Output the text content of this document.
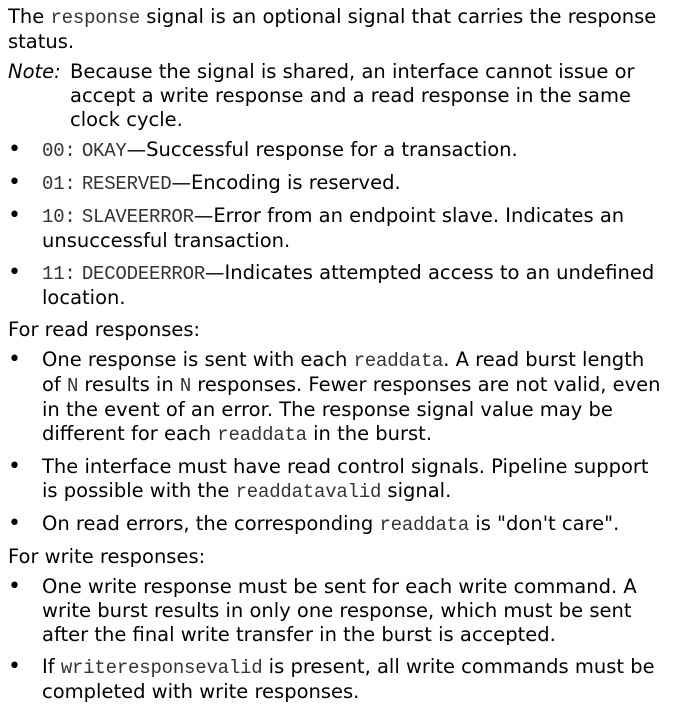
The response signal is an optional signal that carries the response status.

Note: Because the signal is shared, an interface cannot issue or accept a write response and a read response in the same clock cycle.
•	00: OKAY—Successful response for a transaction.
•	01: RESERVED—Encoding is reserved.
•	10: SLAVEERROR—Error from an endpoint slave. Indicates an unsuccessful transaction.
•	11: DECODEERROR—Indicates attempted access to an undefined location.

For read responses:

•	One response is sent with each readdata. A read burst length of N results in N responses. Fewer responses are not valid, even in the event of an error. The response signal value may be different for each readdata in the burst.
•	The interface must have read control signals. Pipeline support is possible with the readdatavalid signal.
•	On read errors, the corresponding readdata is "don't care".

For write responses:

•	One write response must be sent for each write command. A write burst results in only one response, which must be sent after the final write transfer in the burst is accepted.
•	If writeresponsevalid is present, all write commands must be completed with write responses.
